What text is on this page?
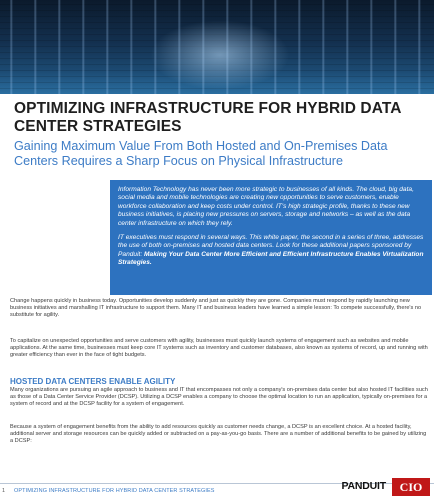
OPTIMIZING INFRASTRUCTURE FOR HYBRID DATA CENTER STRATEGIES
Gaining Maximum Value From Both Hosted and On-Premises Data Centers Requires a Sharp Focus on Physical Infrastructure

Information Technology has never been more strategic to businesses of all kinds. The cloud, big data, social media and mobile technologies are creating new opportunities to serve customers, enable workforce collaboration and keep costs under control. IT's high strategic profile, thanks to these new business initiatives, is placing new pressures on servers, storage and networks – as well as the data center infrastructure on which they rely.

IT executives must respond in several ways. This white paper, the second in a series of three, addresses the use of both on-premises and hosted data centers. Look for these additional papers sponsored by Panduit: Making Your Data Center More Efficient and Efficient Infrastructure Enables Virtualization Strategies.

Change happens quickly in business today. Opportunities develop suddenly and just as quickly they are gone. Companies must respond by rapidly launching new business initiatives and marshalling IT infrastructure to support them. Many IT and business leaders have learned a simple lesson: To compete successfully, there's no substitute for agility.
To capitalize on unexpected opportunities and serve customers with agility, businesses must quickly launch systems of engagement such as websites and mobile applications. At the same time, businesses must keep core IT systems such as inventory and customer databases, also known as systems of record, up and running with greater efficiency than ever in the face of tight budgets.
HOSTED DATA CENTERS ENABLE AGILITY
Many organizations are pursuing an agile approach to business and IT that encompasses not only a company's on-premises data center but also hosted IT facilities such as those of a Data Center Service Provider (DCSP). Utilizing a DCSP enables a company to choose the optimal location to run an application, typically on-premises for a system of record and at the DCSP facility for a system of engagement.
Because a system of engagement benefits from the ability to add resources quickly as customer needs change, a DCSP is an excellent choice. At a hosted facility, additional server and storage resources can be quickly added or subtracted on a pay-as-you-go basis. There are a number of additional benefits to be gained by utilizing a DCSP:
1 OPTIMIZING INFRASTRUCTURE FOR HYBRID DATA CENTER STRATEGIES	PANDUIT	CIO
